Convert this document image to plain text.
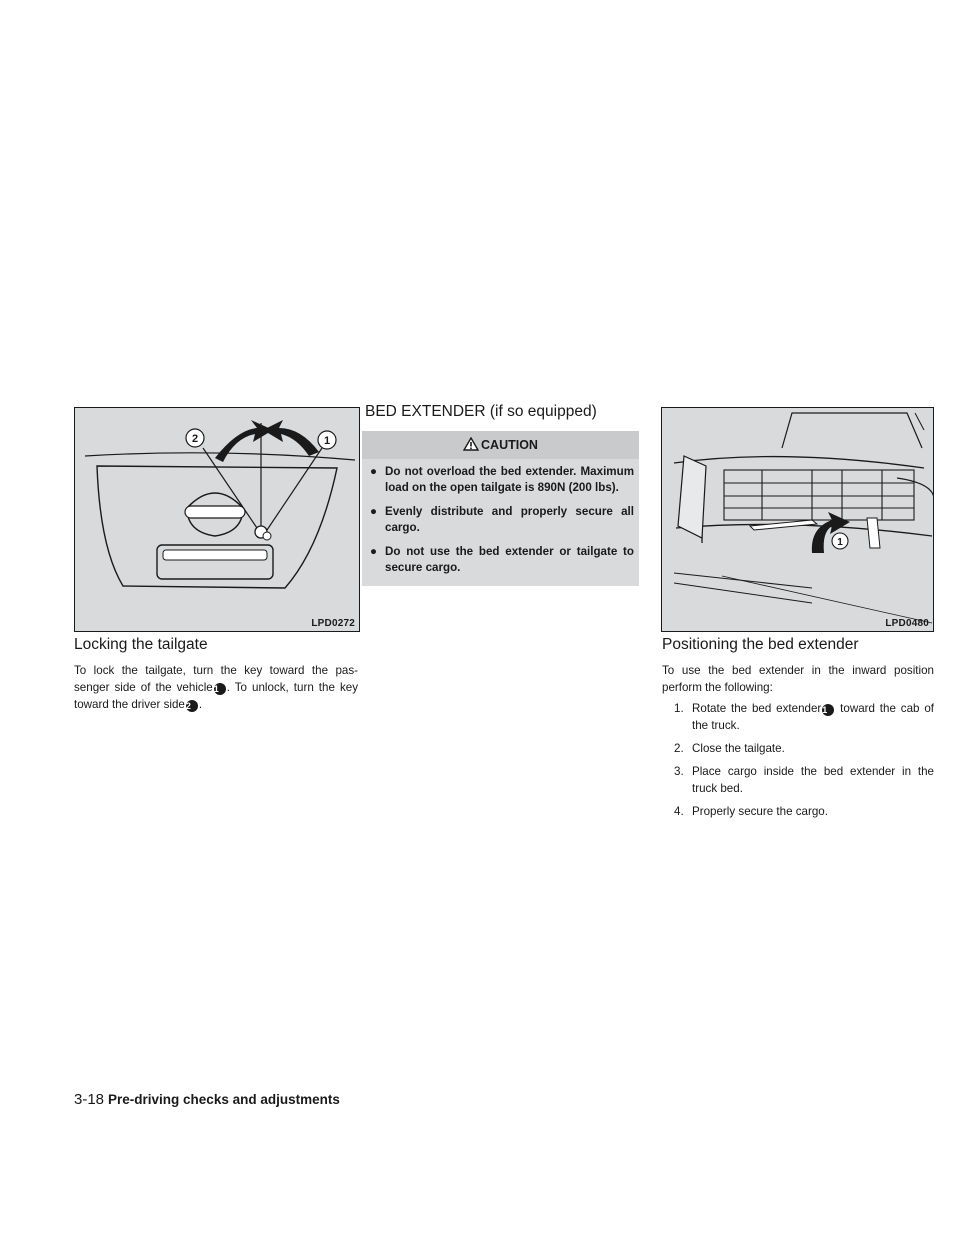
2	1
LPD0272
Locking the tailgate

To lock the tailgate, turn the key toward the pas- senger side of the vehicle1 . To unlock, turn the key toward the driver side2 .

BED EXTENDER (if so equipped)
CAUTION
● Do not overload the bed extender. Maximum load on the open tailgate is 890N (200 lbs).
● Evenly distribute and properly secure all cargo.
● Do not use the bed extender or tailgate to secure cargo.
1
LPD0480
Positioning the bed extender

To use the bed extender in the inward position perform the following:

1. Rotate the bed extender1 toward the cab of the truck.
2. Close the tailgate.
3. Place cargo inside the bed extender in the truck bed.
4. Properly secure the cargo.
3-18 Pre-driving checks and adjustments
